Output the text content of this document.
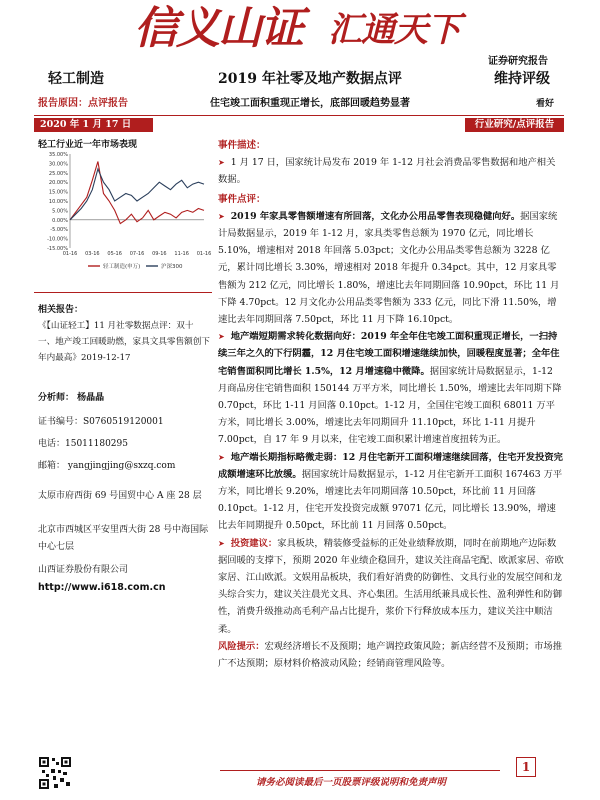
信义山证 汇通天下
证券研究报告
轻工制造	2019 年社零及地产数据点评	维持评级
报告原因：点评报告	住宅竣工面积重现正增长，底部回暖趋势显著	看好
2020 年 1 月 17 日	行业研究/点评报告
轻工行业近一年市场表现
35.00%
30.00%
25.00%
20.00%
15.00%
10.00%
5.00%
0.00%
-5.00%
-10.00%
-15.00%
01-16 03-16 05-16 07-16 09-16 11-16 01-16
轻工制造(申万)	沪深300
相关报告：
《【山证轻工】11 月社零数据点评：双十一、地产竣工回暖助燃，家具文具零售额创下年内最高》2019-12-17
分析师： 杨晶晶
证书编号：S0760519120001
电话：15011180295
邮箱： yangjingjing@sxzq.com
太原市府西街 69 号国贸中心 A 座 28 层
北京市西城区平安里西大街 28 号中海国际中心七层
山西证券股份有限公司
http://www.i618.com.cn
事件描述：

➤ 1 月 17 日，国家统计局发布 2019 年 1-12 月社会消费品零售数据和地产相关数据。

事件点评：

➤ 2019 年家具零售额增速有所回落，文化办公用品零售表现稳健向好。据国家统计局数据显示，2019 年 1-12 月，家具类零售总额为 1970 亿元，同比增长 5.10%，增速相对 2018 年回落 5.03pct；文化办公用品类零售总额为 3228 亿元，累计同比增长 3.30%，增速相对 2018 年提升 0.34pct。其中，12 月家具零售额为 212 亿元，同比增长 1.80%，增速比去年同期回落 10.90pct，环比 11 月下降 4.70pct。12 月文化办公用品类零售额为 333 亿元，同比下滑 11.50%，增速比去年同期回落 7.50pct，环比 11 月下降 16.10pct。

➤ 地产端短期需求转化数据向好：2019 年全年住宅竣工面积重现正增长，一扫持续三年之久的下行阴霾，12 月住宅竣工面积增速继续加快，回暖程度显著；全年住宅销售面积同比增长 1.5%，12 月增速稳中微降。据国家统计局数据显示，1-12 月商品房住宅销售面积 150144 万平方米，同比增长 1.50%，增速比去年同期下降 0.70pct，环比 1-11 月回落 0.10pct。1-12 月，全国住宅竣工面积 68011 万平方米，同比增长 3.00%，增速比去年同期回升 11.10pct，环比 1-11 月提升 7.00pct，自 17 年 9 月以来，住宅竣工面积累计增速首度扭转为正。

➤ 地产端长期指标略微走弱：12 月住宅新开工面积增速继续回落，住宅开发投资完成额增速环比放缓。据国家统计局数据显示，1-12 月住宅新开工面积 167463 万平方米，同比增长 9.20%，增速比去年同期回落 10.50pct，环比前 11 月回落 0.10pct。1-12 月，住宅开发投资完成额 97071 亿元，同比增长 13.90%，增速比去年同期提升 0.50pct，环比前 11 月回落 0.50pct。

➤ 投资建议：家具板块，精装修受益标的正处业绩释放期，同时在前期地产边际数据回暖的支撑下，预期 2020 年业绩企稳回升，建议关注商品宅配、欧派家居、帝欧家居、江山欧派。文娱用品板块，我们看好消费的防御性、文具行业的发展空间和龙头综合实力，建议关注晨光文具、齐心集团。生活用纸兼具成长性、盈利弹性和防御性，消费升级推动高毛利产品占比提升，浆价下行释放成本压力，建议关注中顺洁柔。

风险提示：宏观经济增长不及预期；地产调控政策风险；新店经营不及预期；市场推广不达预期；原材料价格波动风险；经销商管理风险等。

请务必阅读最后一页股票评级说明和免责声明
1
